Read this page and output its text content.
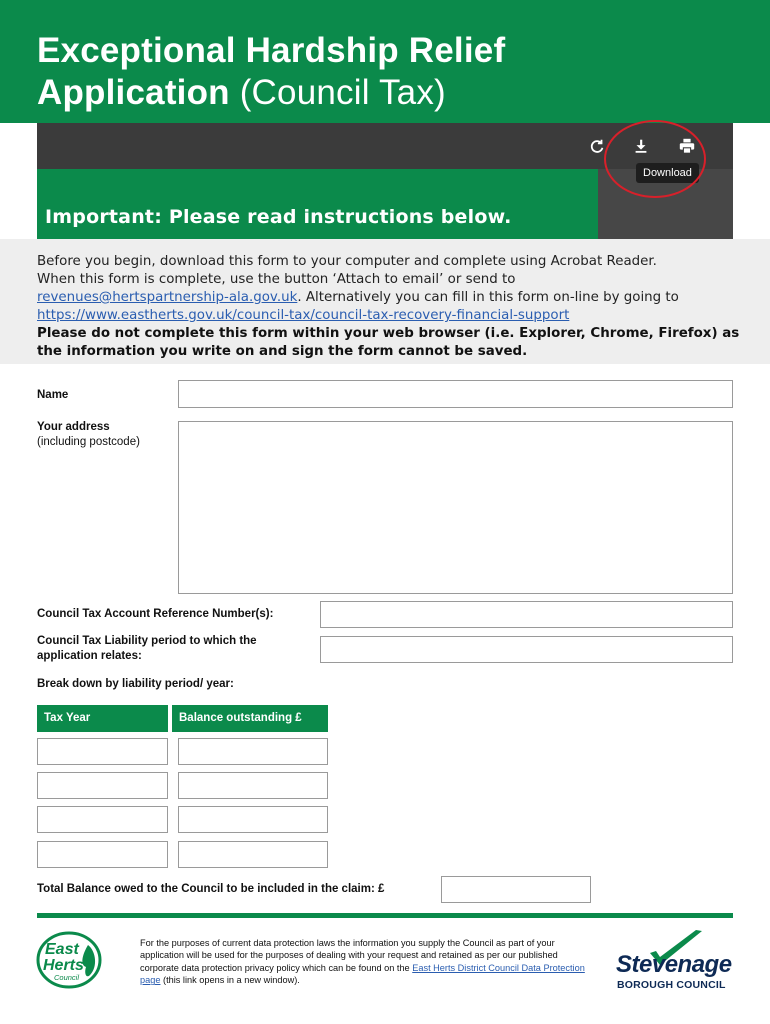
Exceptional Hardship Relief
Application (Council Tax)
Download
Important: Please read instructions below.
Before you begin, download this form to your computer and complete using Acrobat Reader.
When this form is complete, use the button ‘Attach to email’ or send to
revenues@hertspartnership-ala.gov.uk. Alternatively you can fill in this form on-line by going to
https://www.eastherts.gov.uk/council-tax/council-tax-recovery-financial-support
Please do not complete this form within your web browser (i.e. Explorer, Chrome, Firefox) as the information you write on and sign the form cannot be saved.
Name
Your address
(including postcode)
Council Tax Account Reference Number(s):
Council Tax Liability period to which the application relates:
Break down by liability period/ year:
Tax Year	Balance outstanding £
Total Balance owed to the Council to be included in the claim: £
East
Herts
Council
For the purposes of current data protection laws the information you supply the Council as part of your application will be used for the purposes of dealing with your request and retained as per our published corporate data protection privacy policy which can be found on the East Herts District Council Data Protection page (this link opens in a new window).
Stevenage
BOROUGH COUNCIL
